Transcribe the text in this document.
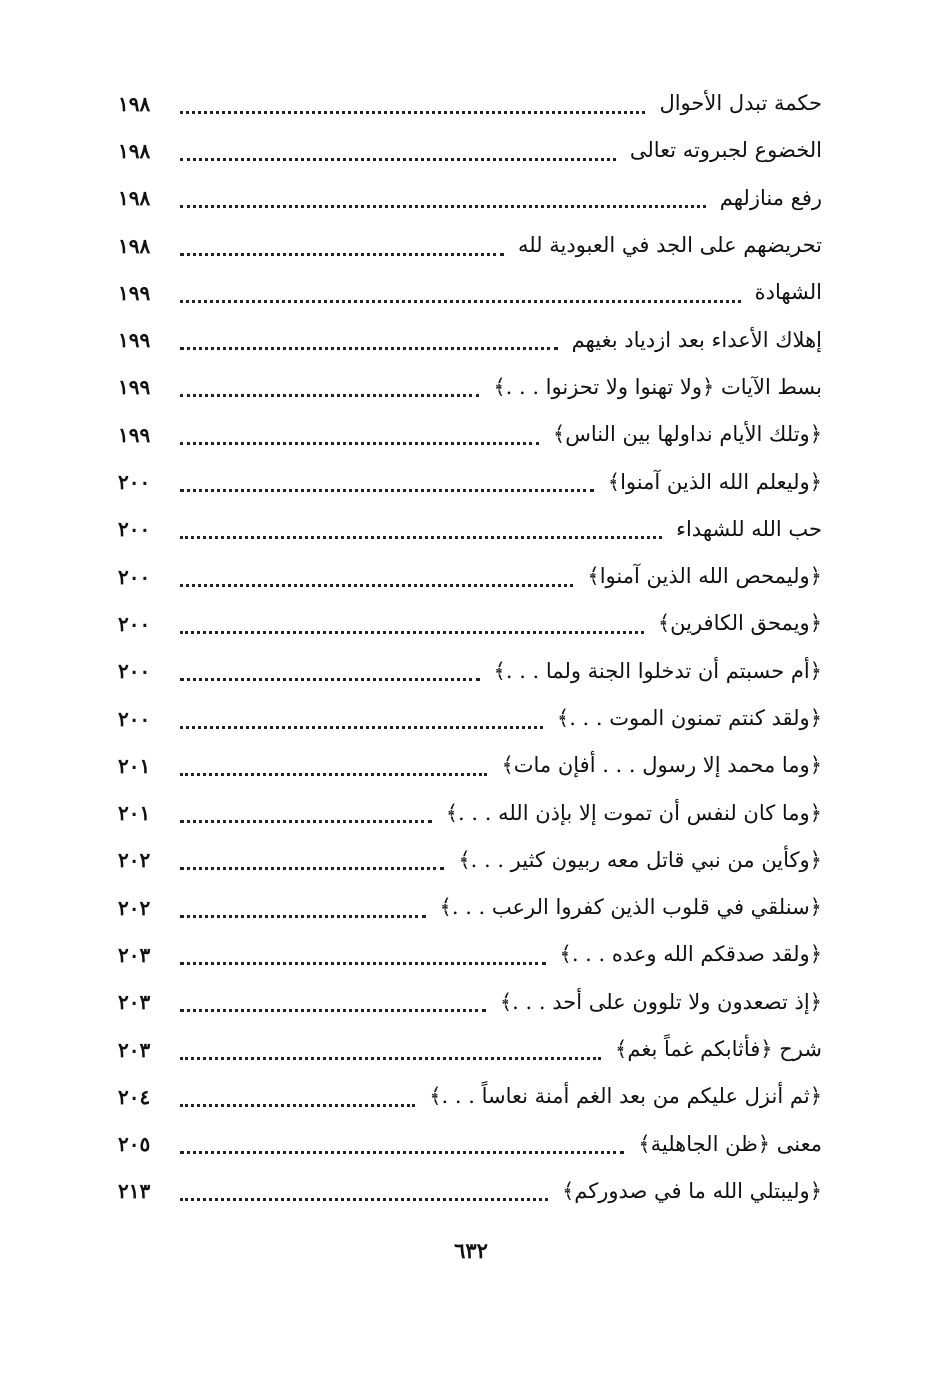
حكمة تبدل الأحوال
١٩٨
الخضوع لجبروته تعالى
١٩٨
رفع منازلهم
١٩٨
تحريضهم على الجد في العبودية لله
١٩٨
الشهادة
١٩٩
إهلاك الأعداء بعد ازدياد بغيهم
١٩٩
بسط الآيات ﴿ولا تهنوا ولا تحزنوا . . .﴾
١٩٩
﴿وتلك الأيام نداولها بين الناس﴾
١٩٩
﴿وليعلم الله الذين آمنوا﴾
٢٠٠
حب الله للشهداء
٢٠٠
﴿وليمحص الله الذين آمنوا﴾
٢٠٠
﴿ويمحق الكافرين﴾
٢٠٠
﴿أم حسبتم أن تدخلوا الجنة ولما . . .﴾
٢٠٠
﴿ولقد كنتم تمنون الموت . . .﴾
٢٠٠
﴿وما محمد إلا رسول . . . أفإن مات﴾
٢٠١
﴿وما كان لنفس أن تموت إلا بإذن الله . . .﴾
٢٠١
﴿وكأين من نبي قاتل معه ربيون كثير . . .﴾
٢٠٢
﴿سنلقي في قلوب الذين كفروا الرعب . . .﴾
٢٠٢
﴿ولقد صدقكم الله وعده . . .﴾
٢٠٣
﴿إذ تصعدون ولا تلوون على أحد . . .﴾
٢٠٣
شرح ﴿فأثابكم غماً بغم﴾
٢٠٣
﴿ثم أنزل عليكم من بعد الغم أمنة نعاساً . . .﴾
٢٠٤
معنى ﴿ظن الجاهلية﴾
٢٠٥
﴿وليبتلي الله ما في صدوركم﴾
٢١٣
٦٣٢
